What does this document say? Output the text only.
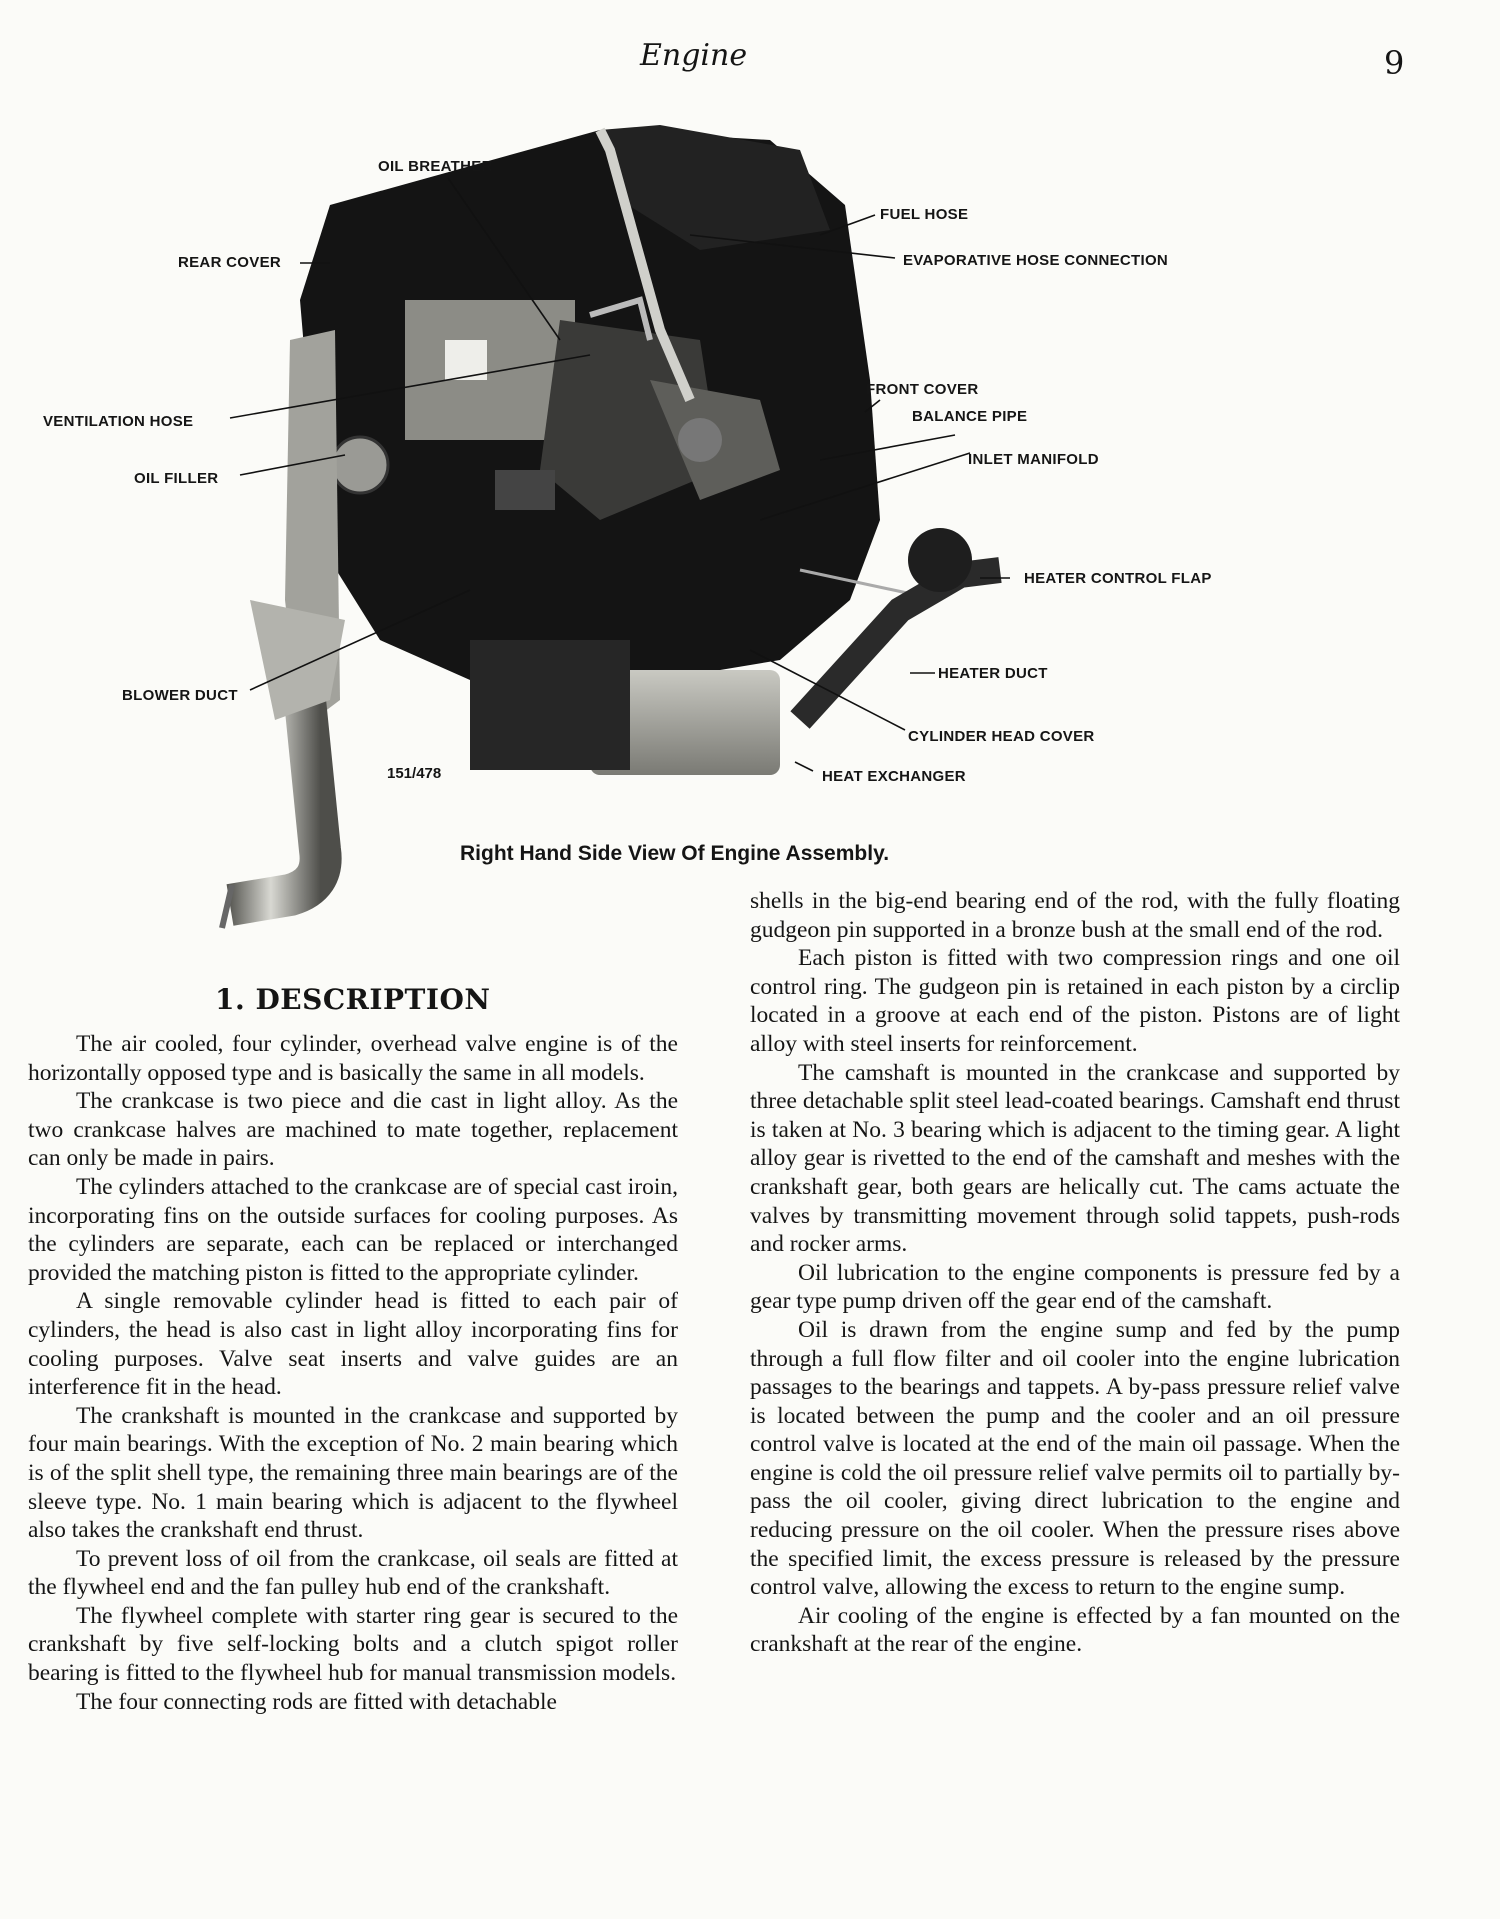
Engine	9
OIL BREATHER
FUEL HOSE
REAR COVER	EVAPORATIVE HOSE CONNECTION
FRONT COVER
VENTILATION HOSE	BALANCE PIPE
INLET MANIFOLD
OIL FILLER
HEATER CONTROL FLAP
HEATER DUCT
BLOWER DUCT
CYLINDER HEAD COVER
HEAT EXCHANGER
151/478
Right Hand Side View Of Engine Assembly.
1. DESCRIPTION

The air cooled, four cylinder, overhead valve engine is of the horizontally opposed type and is basically the same in all models.

The crankcase is two piece and die cast in light alloy. As the two crankcase halves are machined to mate together, replacement can only be made in pairs.

The cylinders attached to the crankcase are of special cast iroin, incorporating fins on the outside surfaces for cooling purposes. As the cylinders are separate, each can be replaced or interchanged provided the matching piston is fitted to the appropriate cylinder.

A single removable cylinder head is fitted to each pair of cylinders, the head is also cast in light alloy incorporating fins for cooling purposes. Valve seat inserts and valve guides are an interference fit in the head.

The crankshaft is mounted in the crankcase and supported by four main bearings. With the exception of No. 2 main bearing which is of the split shell type, the remaining three main bearings are of the sleeve type. No. 1 main bearing which is adjacent to the flywheel also takes the crankshaft end thrust.

To prevent loss of oil from the crankcase, oil seals are fitted at the flywheel end and the fan pulley hub end of the crankshaft.

The flywheel complete with starter ring gear is secured to the crankshaft by five self-locking bolts and a clutch spigot roller bearing is fitted to the flywheel hub for manual transmission models.

The four connecting rods are fitted with detachable

shells in the big-end bearing end of the rod, with the fully floating gudgeon pin supported in a bronze bush at the small end of the rod.

Each piston is fitted with two compression rings and one oil control ring. The gudgeon pin is retained in each piston by a circlip located in a groove at each end of the piston. Pistons are of light alloy with steel inserts for reinforcement.

The camshaft is mounted in the crankcase and supported by three detachable split steel lead-coated bearings. Camshaft end thrust is taken at No. 3 bearing which is adjacent to the timing gear. A light alloy gear is rivetted to the end of the camshaft and meshes with the crankshaft gear, both gears are helically cut. The cams actuate the valves by transmitting movement through solid tappets, push-rods and rocker arms.

Oil lubrication to the engine components is pressure fed by a gear type pump driven off the gear end of the camshaft.

Oil is drawn from the engine sump and fed by the pump through a full flow filter and oil cooler into the engine lubrication passages to the bearings and tappets. A by-pass pressure relief valve is located between the pump and the cooler and an oil pressure control valve is located at the end of the main oil passage. When the engine is cold the oil pressure relief valve permits oil to partially by-pass the oil cooler, giving direct lubrication to the engine and reducing pressure on the oil cooler. When the pressure rises above the specified limit, the excess pressure is released by the pressure control valve, allowing the excess to return to the engine sump.

Air cooling of the engine is effected by a fan mounted on the crankshaft at the rear of the engine.
